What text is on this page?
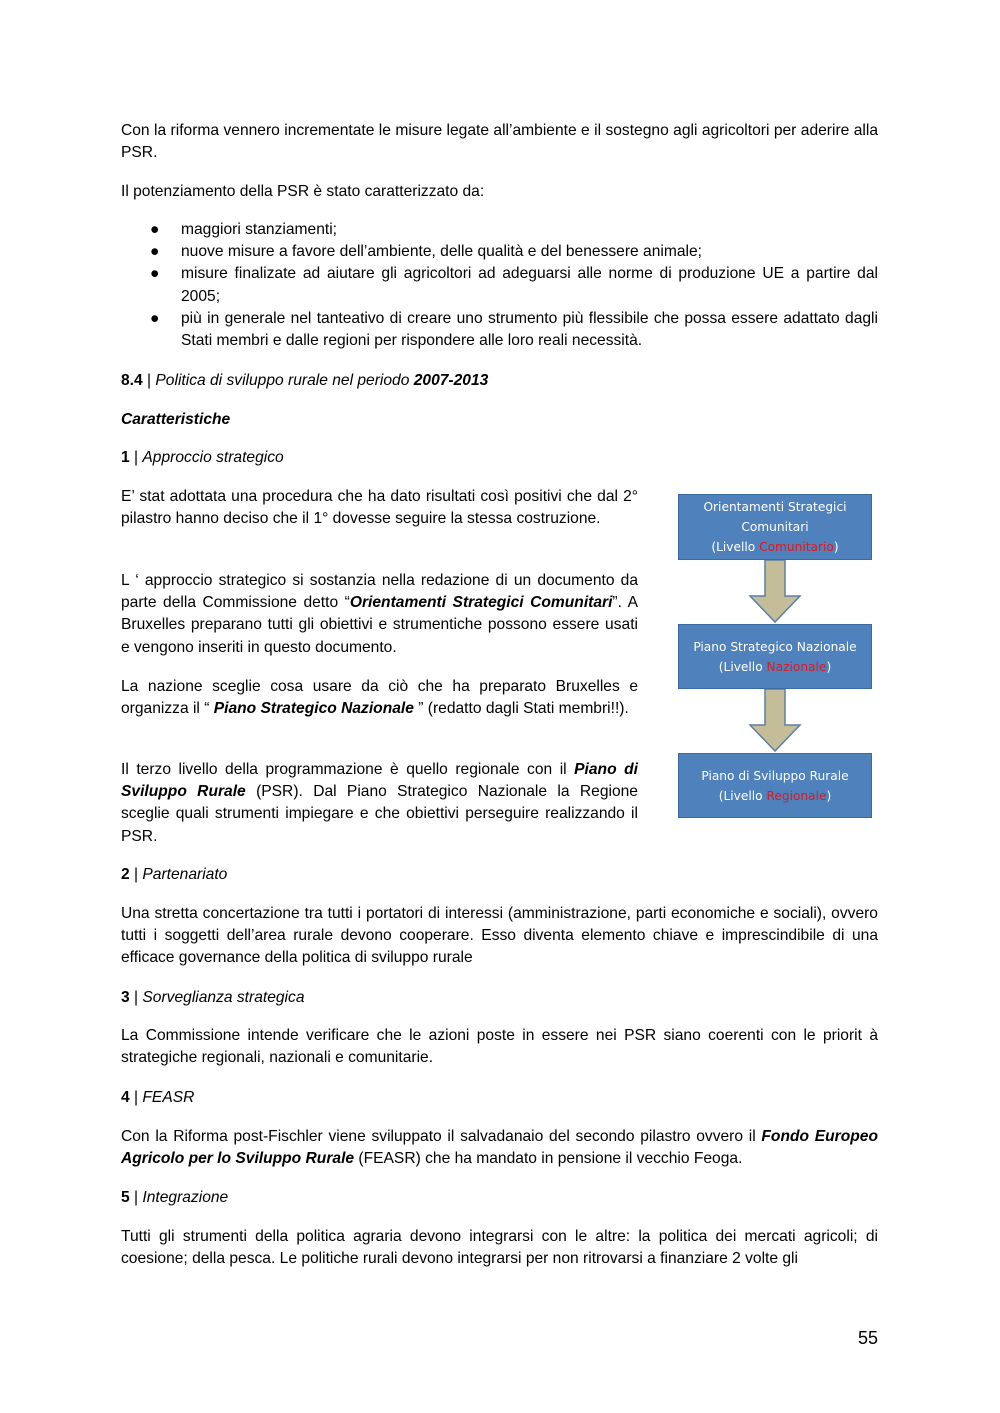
Con la riforma vennero incrementate le misure legate all’ambiente e il sostegno agli agricoltori per aderire alla PSR.

Il potenziamento della PSR è stato caratterizzato da:

● maggiori stanziamenti;
● nuove misure a favore dell’ambiente, delle qualità e del benessere animale;
● misure finalizate ad aiutare gli agricoltori ad adeguarsi alle norme di produzione UE a partire dal 2005;
● più in generale nel tanteativo di creare uno strumento più flessibile che possa essere adattato dagli Stati membri e dalle regioni per rispondere alle loro reali necessità.

8.4 | Politica di sviluppo rurale nel periodo 2007-2013

Caratteristiche

1 | Approccio strategico

E’ stat adottata una procedura che ha dato risultati così positivi che dal 2° pilastro hanno deciso che il 1° dovesse seguire la stessa costruzione.

L ‘ approccio strategico si sostanzia nella redazione di un documento da parte della Commissione detto “Orientamenti Strategici Comunitari”. A Bruxelles preparano tutti gli obiettivi e strumentiche possono essere usati e vengono inseriti in questo documento.

La nazione sceglie cosa usare da ciò che ha preparato Bruxelles e organizza il “ Piano Strategico Nazionale ” (redatto dagli Stati membri!!).

Il terzo livello della programmazione è quello regionale con il Piano di Sviluppo Rurale (PSR). Dal Piano Strategico Nazionale la Regione sceglie quali strumenti impiegare e che obiettivi perseguire realizzando il PSR.

Orientamenti Strategici
Comunitari
(Livello Comunitario)
Piano Strategico Nazionale
(Livello Nazionale)
Piano di Sviluppo Rurale
(Livello Regionale)

2 | Partenariato

Una stretta concertazione tra tutti i portatori di interessi (amministrazione, parti economiche e sociali), ovvero tutti i soggetti dell’area rurale devono cooperare. Esso diventa elemento chiave e imprescindibile di una efficace governance della politica di sviluppo rurale

3 | Sorveglianza strategica

La Commissione intende verificare che le azioni poste in essere nei PSR siano coerenti con le priorit à strategiche regionali, nazionali e comunitarie.

4 | FEASR

Con la Riforma post-Fischler viene sviluppato il salvadanaio del secondo pilastro ovvero il Fondo Europeo Agricolo per lo Sviluppo Rurale (FEASR) che ha mandato in pensione il vecchio Feoga.

5 | Integrazione

Tutti gli strumenti della politica agraria devono integrarsi con le altre: la politica dei mercati agricoli; di coesione; della pesca. Le politiche rurali devono integrarsi per non ritrovarsi a finanziare 2 volte gli

55
